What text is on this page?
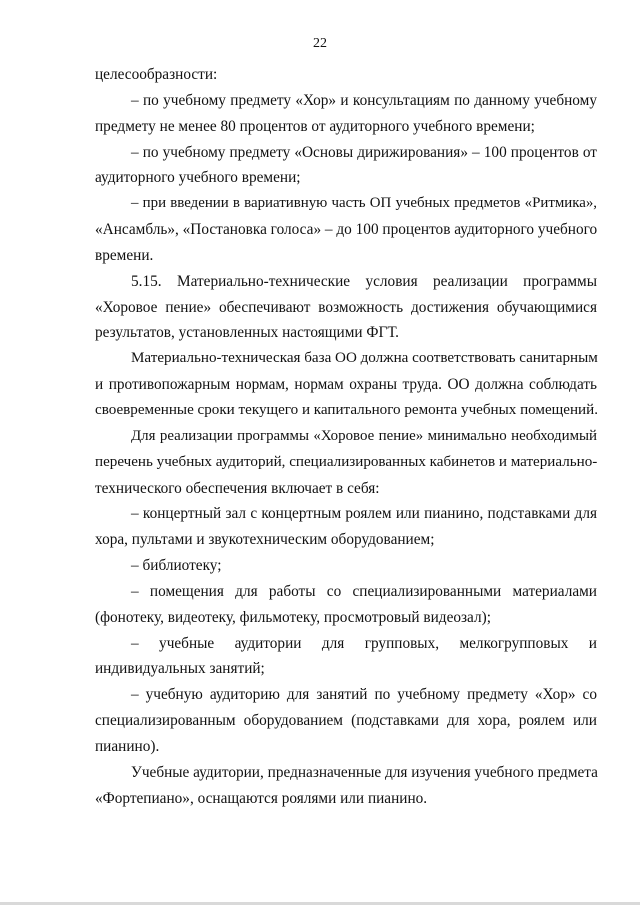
22
целесообразности:
– по учебному предмету «Хор» и консультациям по данному учебному
предмету не менее 80 процентов от аудиторного учебного времени;
– по учебному предмету «Основы дирижирования» – 100 процентов от
аудиторного учебного времени;
– при введении в вариативную часть ОП учебных предметов «Ритмика»,
«Ансамбль», «Постановка голоса» – до 100 процентов аудиторного учебного
времени.
5.15. Материально-технические условия реализации программы
«Хоровое пение» обеспечивают возможность достижения обучающимися
результатов, установленных настоящими ФГТ.
Материально-техническая база ОО должна соответствовать санитарным
и противопожарным нормам, нормам охраны труда. ОО должна соблюдать
своевременные сроки текущего и капитального ремонта учебных помещений.
Для реализации программы «Хоровое пение» минимально необходимый
перечень учебных аудиторий, специализированных кабинетов и материально-
технического обеспечения включает в себя:
– концертный зал с концертным роялем или пианино, подставками для
хора, пультами и звукотехническим оборудованием;
– библиотеку;
– помещения для работы со специализированными материалами
(фонотеку, видеотеку, фильмотеку, просмотровый видеозал);
– учебные аудитории для групповых, мелкогрупповых и
индивидуальных занятий;
– учебную аудиторию для занятий по учебному предмету «Хор» со
специализированным оборудованием (подставками для хора, роялем или
пианино).
Учебные аудитории, предназначенные для изучения учебного предмета
«Фортепиано», оснащаются роялями или пианино.
